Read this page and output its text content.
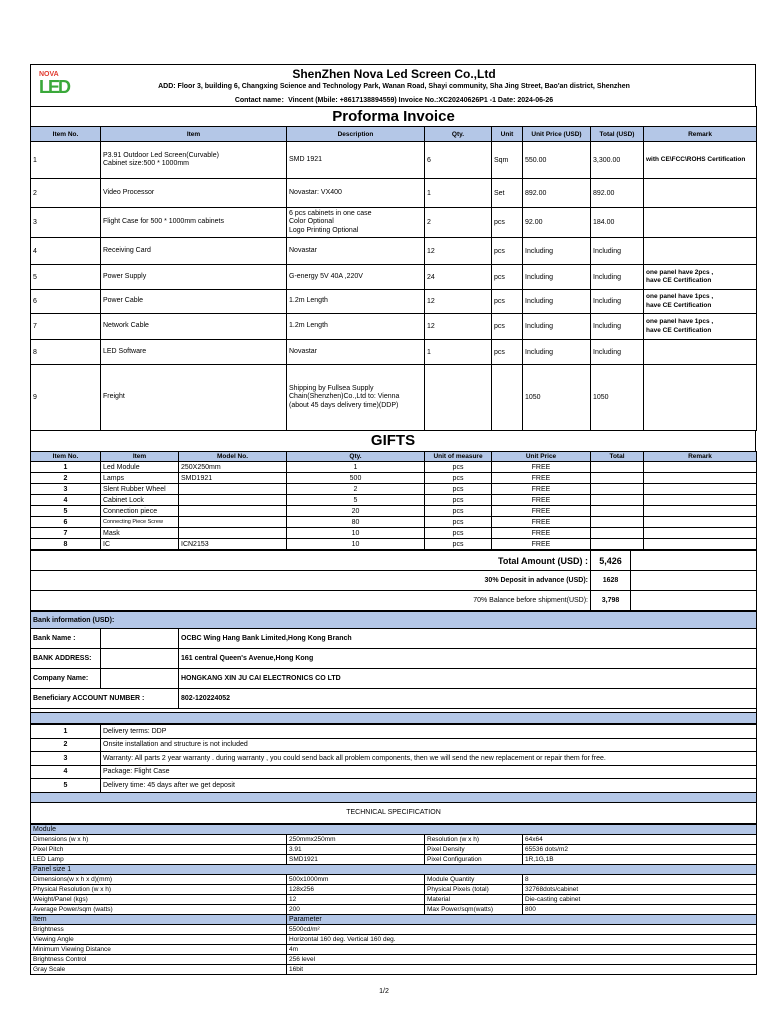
NOVA
LED
ShenZhen Nova Led Screen Co.,Ltd
ADD: Floor 3, building 6, Changxing Science and Technology Park, Wanan Road, Shayi community, Sha Jing Street, Bao'an district, Shenzhen
Contact name：Vincent (Mbile: +8617138894559) Invoice No.:XC20240626P1 -1 Date: 2024-06-26
Proforma Invoice							
Item No.	Item	Description	Qty.	Unit	Unit Price (USD)	Total (USD)	Remark
1	P3.91 Outdoor Led Screen(Curvable)
Cabinet size:500 * 1000mm	SMD 1921	6	Sqm	550.00	3,300.00	with CE\FCC\ROHS Certification
2	Video Processor	Novastar: VX400	1	Set	892.00	892.00	
3	Flight Case for 500 * 1000mm cabinets	6 pcs cabinets in one case
Color Optional
Logo Printing Optional	2	pcs	92.00	184.00	
4	Receiving Card	Novastar	12	pcs	Including	Including	
5	Power Supply	G-energy 5V 40A ,220V	24	pcs	Including	Including	one panel have 2pcs ,
have CE Certification
6	Power Cable	1.2m Length	12	pcs	Including	Including	one panel have 1pcs ,
have CE Certification
7	Network Cable	1.2m Length	12	pcs	Including	Including	one panel have 1pcs ,
have CE Certification
8	LED Software	Novastar	1	pcs	Including	Including	
9	Freight	Shipping by Fullsea Supply
Chain(Shenzhen)Co.,Ltd to: Vienna
(about 45 days delivery time)(DDP)			1050	1050	
GIFTS
Item No.	Item	Model No.	Qty.	Unit of measure	Unit Price	Total	Remark
1	Led Module	250X250mm	1	pcs	FREE		
2	Lamps	SMD1921	500	pcs	FREE		
3	Slent Rubber Wheel		2	pcs	FREE		
4	Cabinet Lock		5	pcs	FREE		
5	Connection piece		20	pcs	FREE		
6	Connecting Piece Screw		80	pcs	FREE		
7	Mask		10	pcs	FREE		
8	IC	ICN2153	10	pcs	FREE		
Total Amount (USD) :	5,426	
30% Deposit in advance (USD):	1628	
70% Balance before shipment(USD):	3,798	
Bank information (USD):		
Bank Name :		OCBC Wing Hang Bank Limited,Hong Kong Branch
BANK ADDRESS:		161 central Queen's Avenue,Hong Kong
Company Name:		HONGKANG XIN JU CAI ELECTRONICS CO LTD
Beneficiary ACCOUNT NUMBER :		802-120224052

1	Delivery terms: DDP
2	Onsite installation and structure is not included
3	Warranty: All parts 2 year warranty . during warranty , you could send back all problem components, then we will send the new replacement or repair them for free.
4	Package: Flight Case
5	Delivery time: 45 days after we get deposit

TECHNICAL SPECIFICATION	
Module			
Dimensions (w x h)	250mmx250mm	Resolution (w x h)	64x64
Pixel Pitch	3.91	Pixel Density	65536 dots/m2
LED Lamp	SMD1921	Pixel Configuration	1R,1G,1B
Panel size 1			
Dimensions(w x h x d)(mm)	500x1000mm	Module Quantity	8
Physical Resolution (w x h)	128x256	Physical Pixels (total)	32768dots/cabinet
Weight/Panel (kgs)	12	Material	Die-casting cabinet
Average Power/sqm (watts)	200	Max Power/sqm(watts)	800
Item	Parameter		
Brightness	5500cd/m²		
Viewing Angle	Horizontal 160 deg. Vertical 160 deg.		
Minimum Viewing Distance	4m		
Brightness Control	256 level		
Gray Scale	16bit		
1/2
